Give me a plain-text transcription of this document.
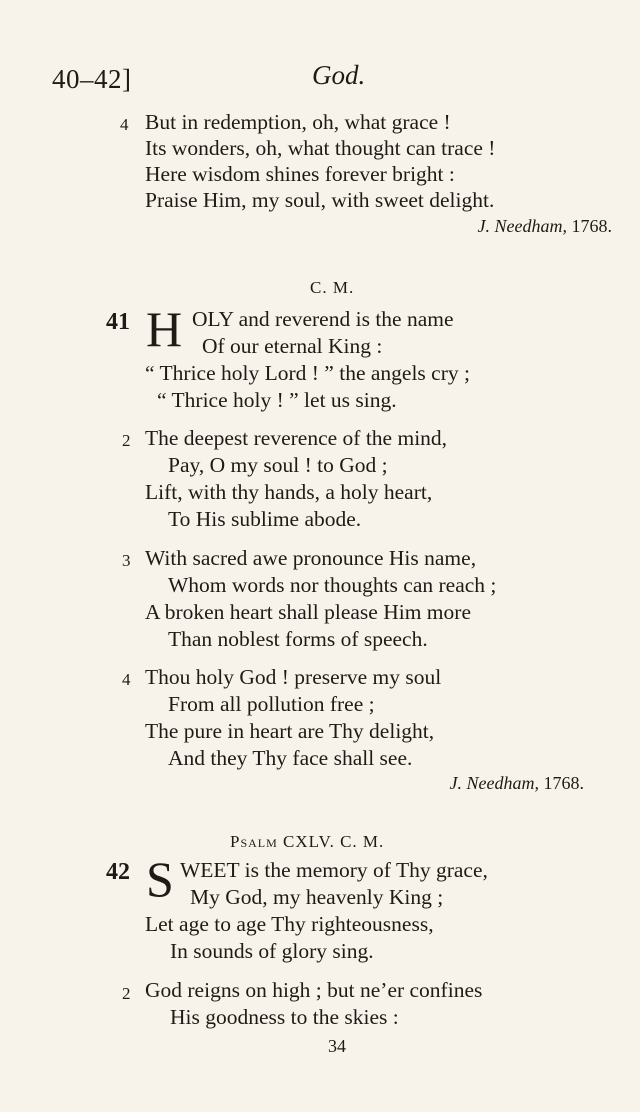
40–42]	God.
4 But in redemption, oh, what grace !
Its wonders, oh, what thought can trace !
Here wisdom shines forever bright :
Praise Him, my soul, with sweet delight.
J. Needham, 1768.
C. M.
41 H OLY and reverend is the name
Of our eternal King :
“ Thrice holy Lord ! ” the angels cry ;
“ Thrice holy ! ” let us sing.
2 The deepest reverence of the mind,
Pay, O my soul ! to God ;
Lift, with thy hands, a holy heart,
To His sublime abode.
3 With sacred awe pronounce His name,
Whom words nor thoughts can reach ;
A broken heart shall please Him more
Than noblest forms of speech.
4 Thou holy God ! preserve my soul
From all pollution free ;
The pure in heart are Thy delight,
And they Thy face shall see.
J. Needham, 1768.
Psalm CXLV. C. M.
42 S WEET is the memory of Thy grace,
My God, my heavenly King ;
Let age to age Thy righteousness,
In sounds of glory sing.
2 God reigns on high ; but ne’er confines
His goodness to the skies :
34
